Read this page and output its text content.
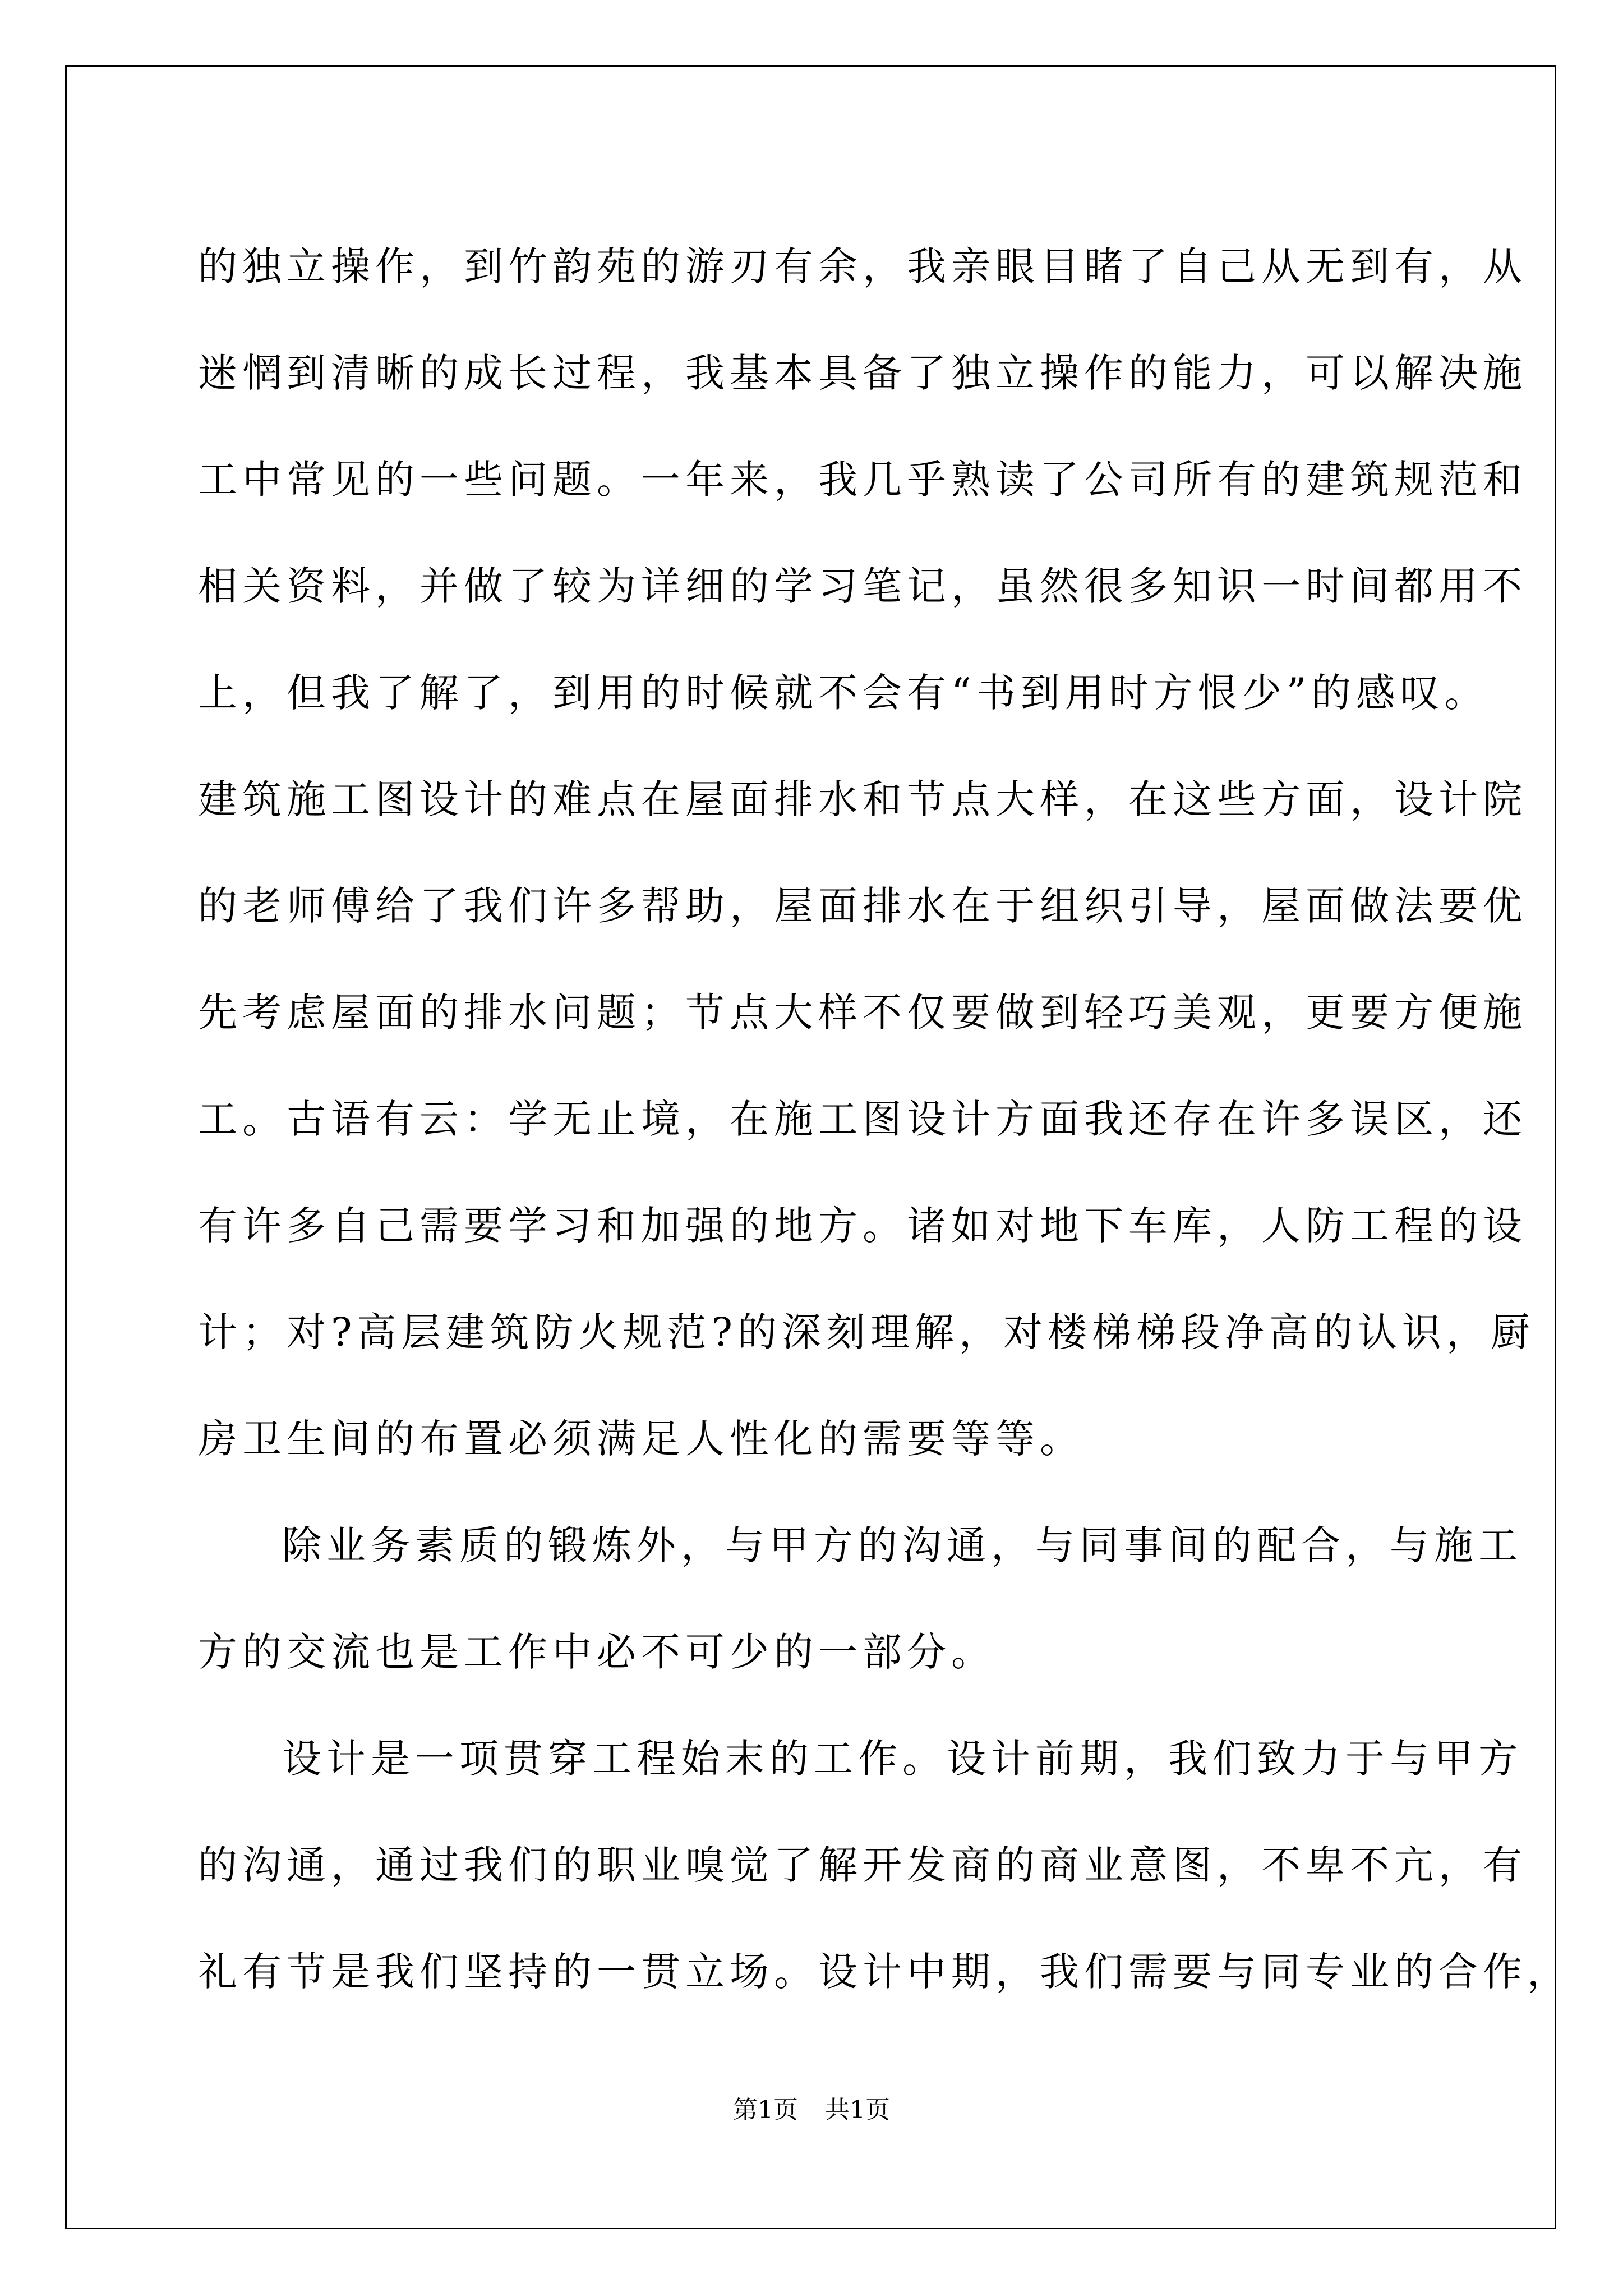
的独立操作，到竹韵苑的游刃有余，我亲眼目睹了自己从无到有，从
迷惘到清晰的成长过程，我基本具备了独立操作的能力，可以解决施
工中常见的一些问题。一年来，我几乎熟读了公司所有的建筑规范和
相关资料，并做了较为详细的学习笔记，虽然很多知识一时间都用不
上，但我了解了，到用的时候就不会有“书到用时方恨少”的感叹。
建筑施工图设计的难点在屋面排水和节点大样，在这些方面，设计院
的老师傅给了我们许多帮助，屋面排水在于组织引导，屋面做法要优
先考虑屋面的排水问题；节点大样不仅要做到轻巧美观，更要方便施
工。古语有云：学无止境，在施工图设计方面我还存在许多误区，还
有许多自己需要学习和加强的地方。诸如对地下车库，人防工程的设
计；对?高层建筑防火规范?的深刻理解，对楼梯梯段净高的认识，厨
房卫生间的布置必须满足人性化的需要等等。
除业务素质的锻炼外，与甲方的沟通，与同事间的配合，与施工
方的交流也是工作中必不可少的一部分。
设计是一项贯穿工程始末的工作。设计前期，我们致力于与甲方
的沟通，通过我们的职业嗅觉了解开发商的商业意图，不卑不亢，有
礼有节是我们坚持的一贯立场。设计中期，我们需要与同专业的合作，
第1页 共1页
